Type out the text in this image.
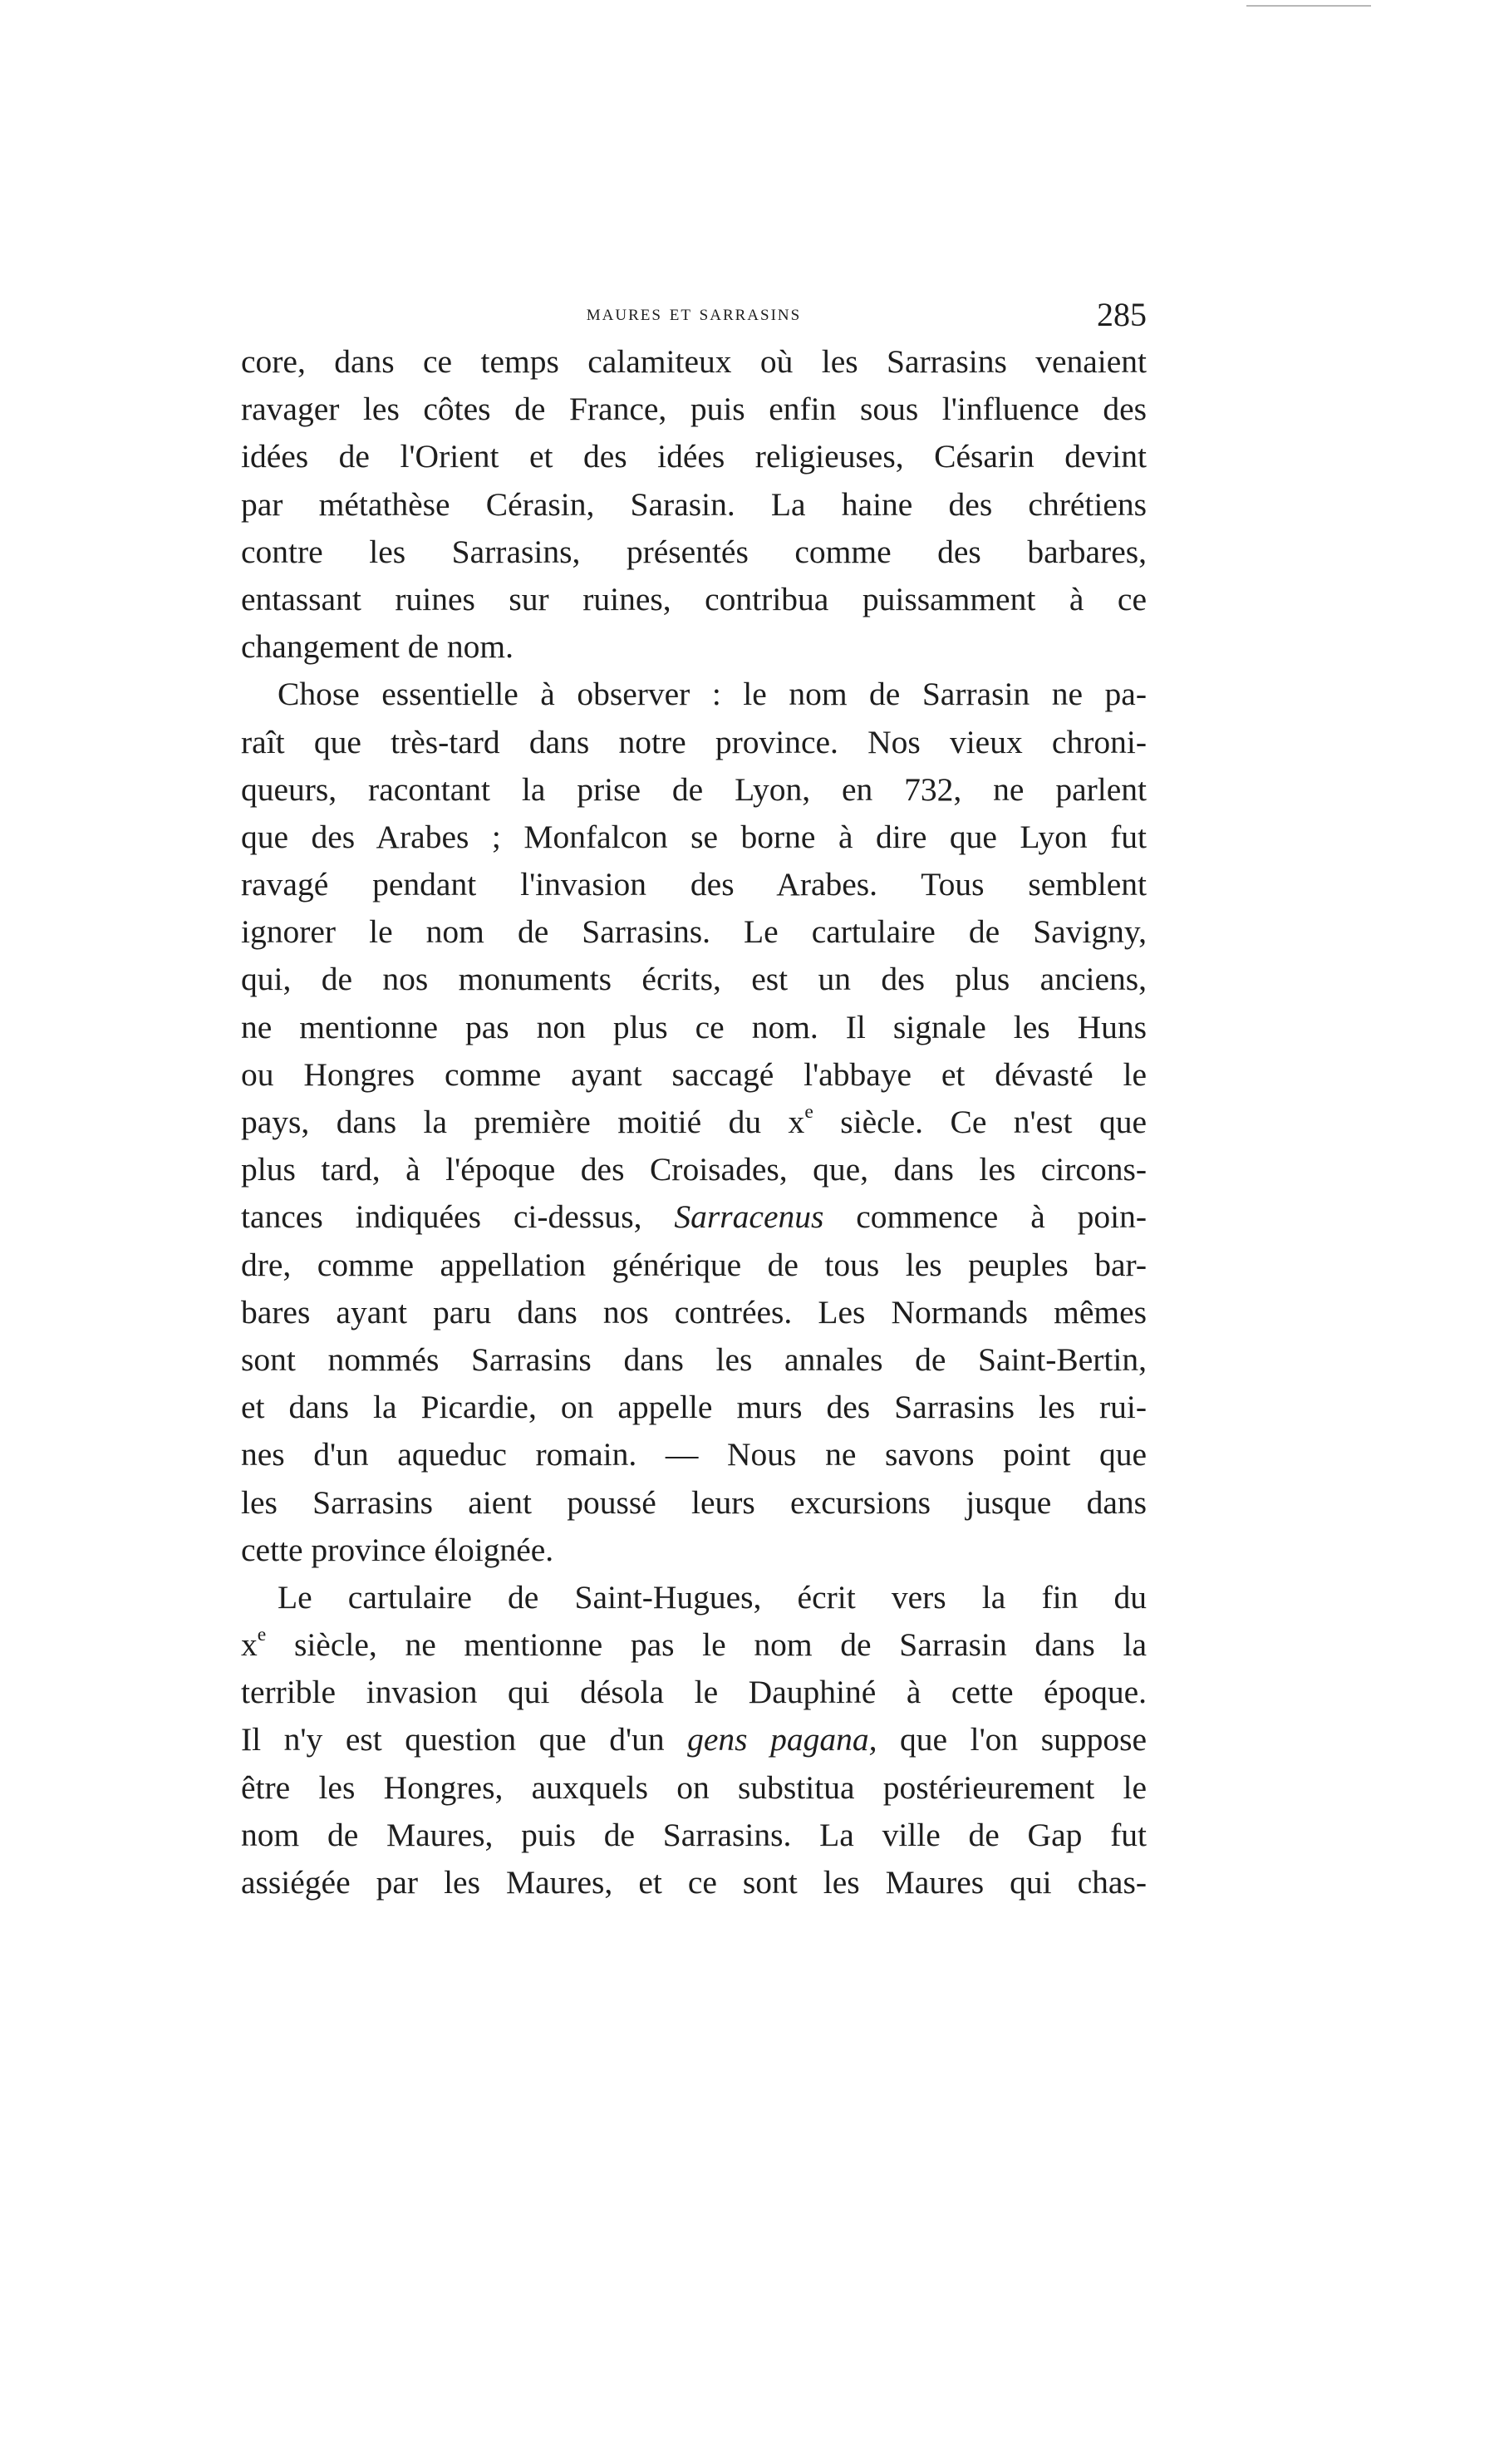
maures et sarrasins	285
core, dans ce temps calamiteux où les Sarrasins venaient
ravager les côtes de France, puis enfin sous l'influence des
idées de l'Orient et des idées religieuses, Césarin devint
par métathèse Cérasin, Sarasin. La haine des chrétiens
contre les Sarrasins, présentés comme des barbares,
entassant ruines sur ruines, contribua puissamment à ce
changement de nom.
Chose essentielle à observer : le nom de Sarrasin ne pa-
raît que très-tard dans notre province. Nos vieux chroni-
queurs, racontant la prise de Lyon, en 732, ne parlent
que des Arabes ; Monfalcon se borne à dire que Lyon fut
ravagé pendant l'invasion des Arabes. Tous semblent
ignorer le nom de Sarrasins. Le cartulaire de Savigny,
qui, de nos monuments écrits, est un des plus anciens,
ne mentionne pas non plus ce nom. Il signale les Huns
ou Hongres comme ayant saccagé l'abbaye et dévasté le
pays, dans la première moitié du $x^e$ siècle. Ce n'est que
plus tard, à l'époque des Croisades, que, dans les circons-
tances indiquées ci-dessus, Sarracenus commence à poin-
dre, comme appellation générique de tous les peuples bar-
bares ayant paru dans nos contrées. Les Normands mêmes
sont nommés Sarrasins dans les annales de Saint-Bertin,
et dans la Picardie, on appelle murs des Sarrasins les rui-
nes d'un aqueduc romain. — Nous ne savons point que
les Sarrasins aient poussé leurs excursions jusque dans
cette province éloignée.
Le cartulaire de Saint-Hugues, écrit vers la fin du
$x^e$ siècle, ne mentionne pas le nom de Sarrasin dans la
terrible invasion qui désola le Dauphiné à cette époque.
Il n'y est question que d'un gens pagana, que l'on suppose
être les Hongres, auxquels on substitua postérieurement le
nom de Maures, puis de Sarrasins. La ville de Gap fut
assiégée par les Maures, et ce sont les Maures qui chas-
